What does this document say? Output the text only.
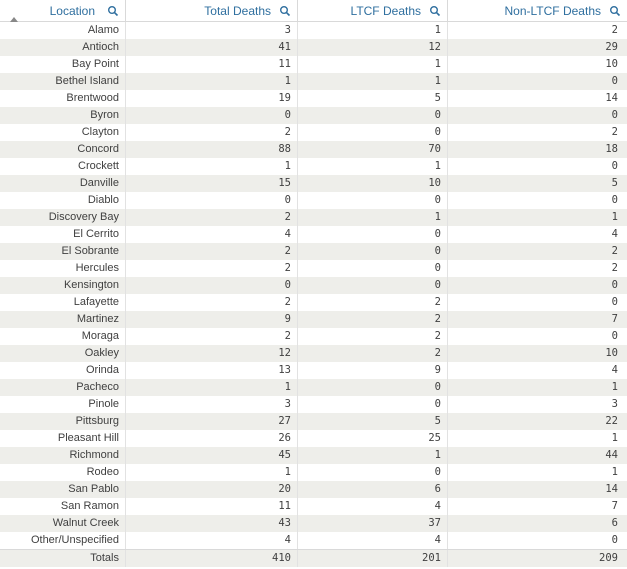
Location	Total Deaths	LTCF Deaths	Non-LTCF Deaths
Alamo	3	1	2
Antioch	41	12	29
Bay Point	11	1	10
Bethel Island	1	1	0
Brentwood	19	5	14
Byron	0	0	0
Clayton	2	0	2
Concord	88	70	18
Crockett	1	1	0
Danville	15	10	5
Diablo	0	0	0
Discovery Bay	2	1	1
El Cerrito	4	0	4
El Sobrante	2	0	2
Hercules	2	0	2
Kensington	0	0	0
Lafayette	2	2	0
Martinez	9	2	7
Moraga	2	2	0
Oakley	12	2	10
Orinda	13	9	4
Pacheco	1	0	1
Pinole	3	0	3
Pittsburg	27	5	22
Pleasant Hill	26	25	1
Richmond	45	1	44
Rodeo	1	0	1
San Pablo	20	6	14
San Ramon	11	4	7
Walnut Creek	43	37	6
Other/Unspecified	4	4	0
Totals	410	201	209
